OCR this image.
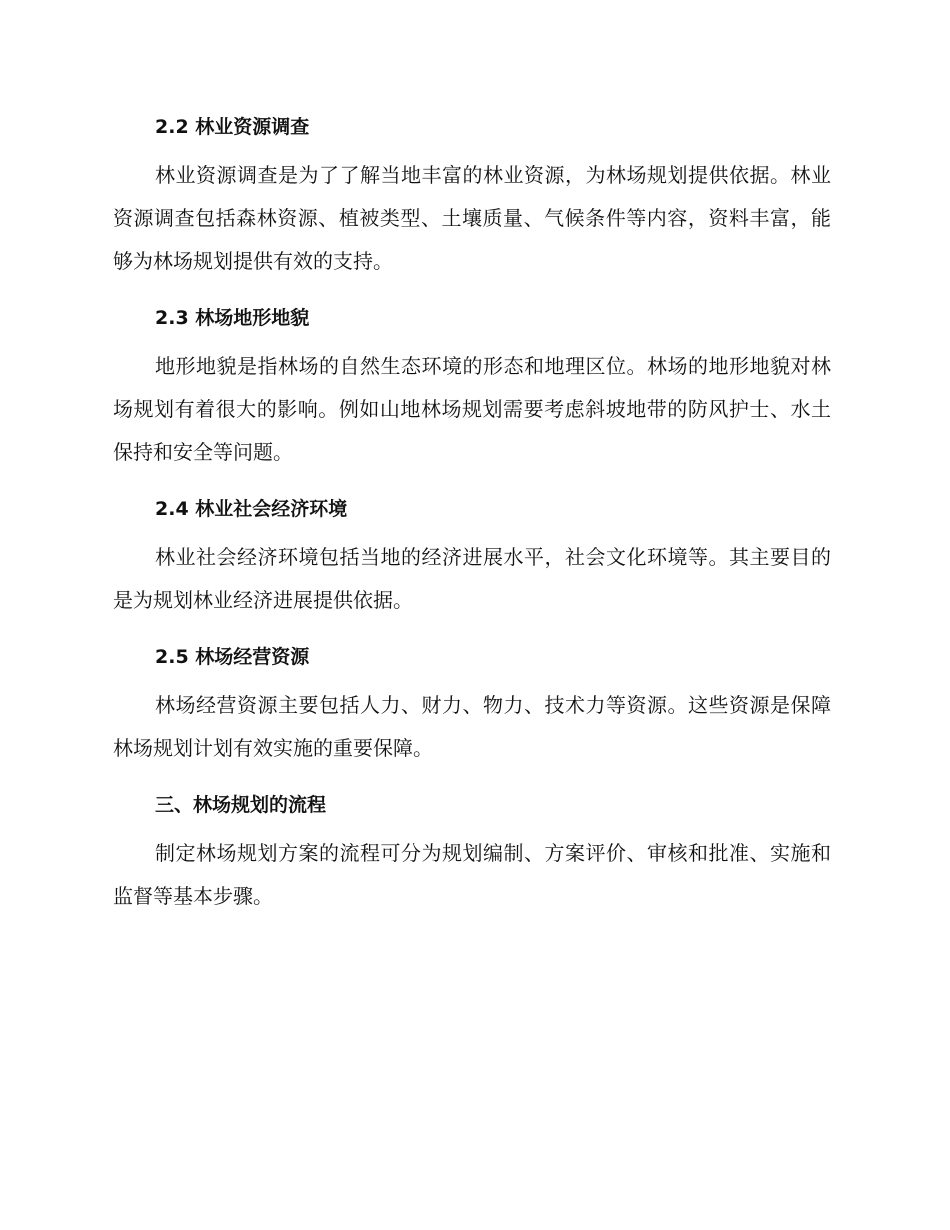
2.2 林业资源调查

林业资源调查是为了了解当地丰富的林业资源，为林场规划提供依据。林业资源调查包括森林资源、植被类型、土壤质量、气候条件等内容，资料丰富，能够为林场规划提供有效的支持。

2.3 林场地形地貌

地形地貌是指林场的自然生态环境的形态和地理区位。林场的地形地貌对林场规划有着很大的影响。例如山地林场规划需要考虑斜坡地带的防风护士、水土保持和安全等问题。

2.4 林业社会经济环境

林业社会经济环境包括当地的经济进展水平，社会文化环境等。其主要目的是为规划林业经济进展提供依据。

2.5 林场经营资源

林场经营资源主要包括人力、财力、物力、技术力等资源。这些资源是保障林场规划计划有效实施的重要保障。

三、林场规划的流程

制定林场规划方案的流程可分为规划编制、方案评价、审核和批准、实施和监督等基本步骤。
